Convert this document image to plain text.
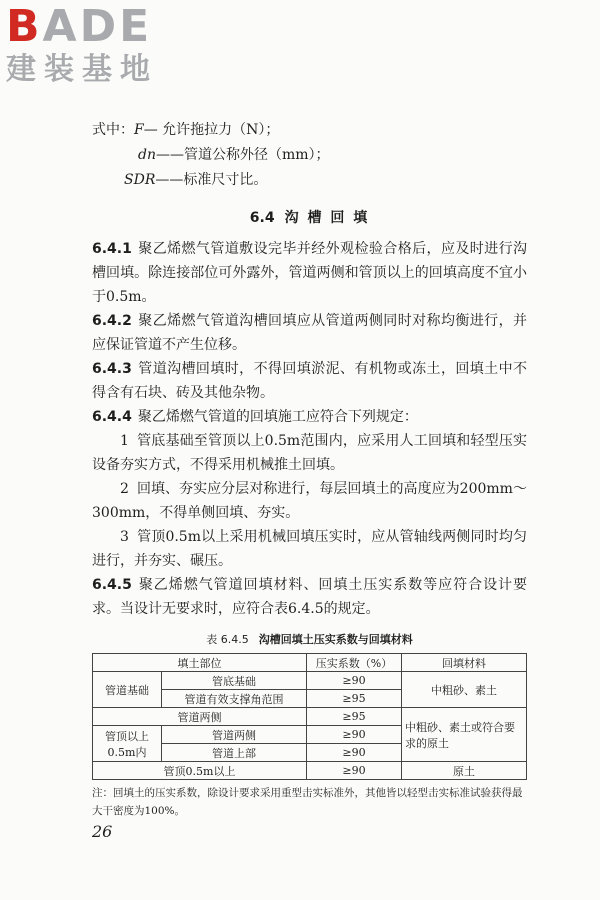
BADE
建装基地
式中：F— 允许拖拉力（N）；
dn——管道公称外径（mm）；
SDR——标准尺寸比。
6.4 沟 槽 回 填
6.4.1 聚乙烯燃气管道敷设完毕并经外观检验合格后，应及时进行沟槽回填。除连接部位可外露外，管道两侧和管顶以上的回填高度不宜小于0.5m。
6.4.2 聚乙烯燃气管道沟槽回填应从管道两侧同时对称均衡进行，并应保证管道不产生位移。
6.4.3 管道沟槽回填时，不得回填淤泥、有机物或冻土，回填土中不得含有石块、砖及其他杂物。
6.4.4 聚乙烯燃气管道的回填施工应符合下列规定：
1 管底基础至管顶以上0.5m范围内，应采用人工回填和轻型压实设备夯实方式，不得采用机械推土回填。
2 回填、夯实应分层对称进行，每层回填土的高度应为200mm～300mm，不得单侧回填、夯实。
3 管顶0.5m以上采用机械回填压实时，应从管轴线两侧同时均匀进行，并夯实、碾压。
6.4.5 聚乙烯燃气管道回填材料、回填土压实系数等应符合设计要求。当设计无要求时，应符合表6.4.5的规定。
表 6.4.5 沟槽回填土压实系数与回填材料
填土部位		压实系数（%）	回填材料
管道基础	管底基础	≥90	中粗砂、素土
	管道有效支撑角范围	≥95	
管道两侧		≥95	中粗砂、素土或符合要求的原土
管顶以上0.5m内	管道两侧	≥90	
	管道上部	≥90	
管顶0.5m以上		≥90	原土
注：回填土的压实系数，除设计要求采用重型击实标准外，其他皆以轻型击实标准试验获得最大干密度为100%。
26
